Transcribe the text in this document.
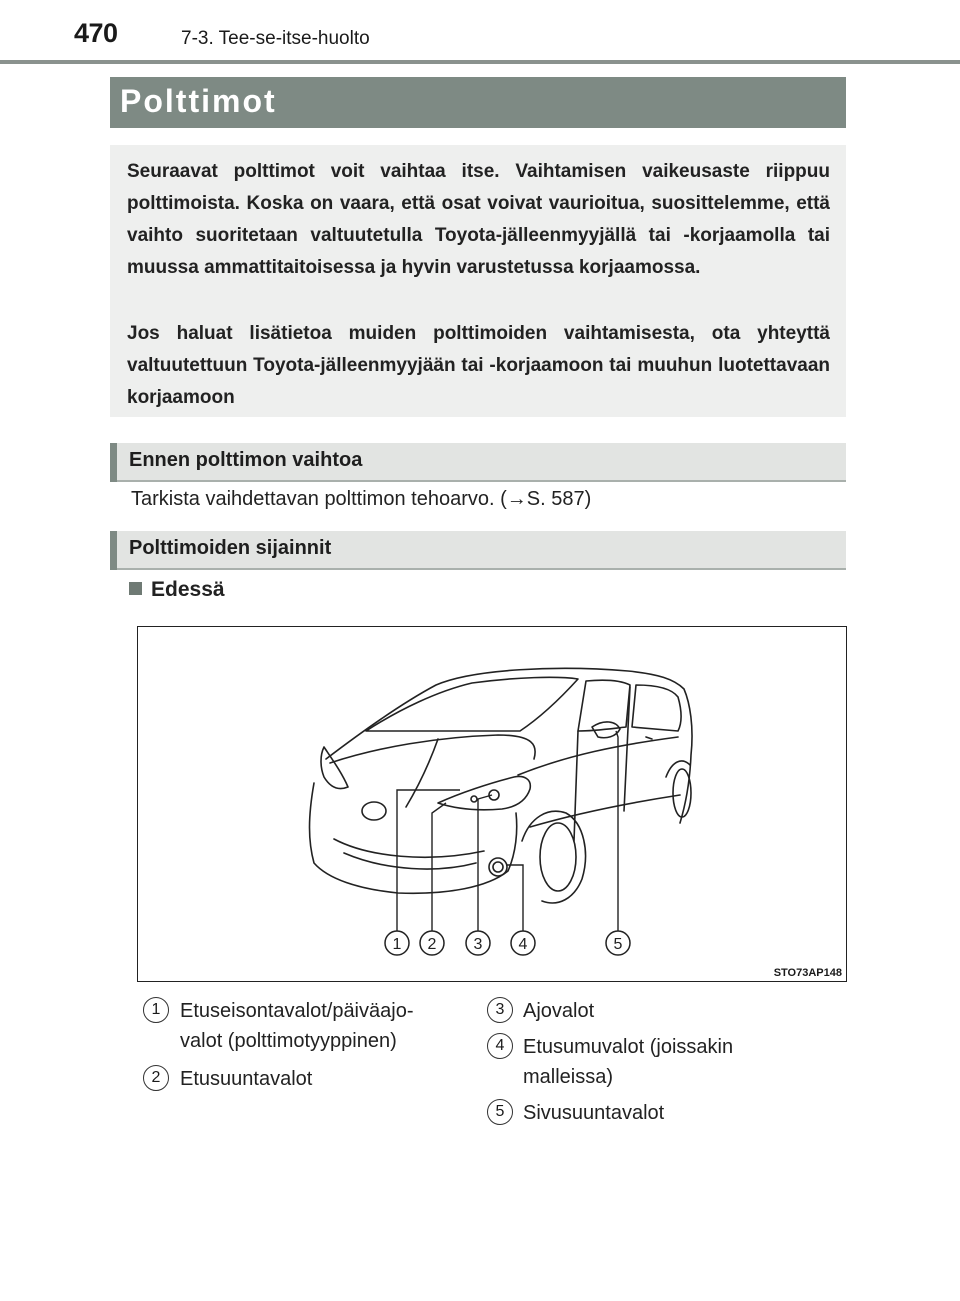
470	7-3. Tee-se-itse-huolto
Polttimot

Seuraavat polttimot voit vaihtaa itse. Vaihtamisen vaikeusaste riippuu polttimoista. Koska on vaara, että osat voivat vaurioitua, suosittelemme, että vaihto suoritetaan valtuutetulla Toyota-jälleenmyyjällä tai -korjaamolla tai muussa ammattitaitoisessa ja hyvin varustetussa korjaamossa.

Jos haluat lisätietoa muiden polttimoiden vaihtamisesta, ota yhteyttä valtuutettuun Toyota-jälleenmyyjään tai -korjaamoon tai muuhun luotettavaan korjaamoon

Ennen polttimon vaihtoa
Tarkista vaihdettavan polttimon tehoarvo. (→S. 587)
Polttimoiden sijainnit
Edessä
1 2 3 4	5
STO73AP148
1 Etuseisontavalot/päiväajo-
valot (polttimotyyppinen)
2 Etusuuntavalot
3 Ajovalot
4 Etusumuvalot (joissakin
malleissa)
5 Sivusuuntavalot
